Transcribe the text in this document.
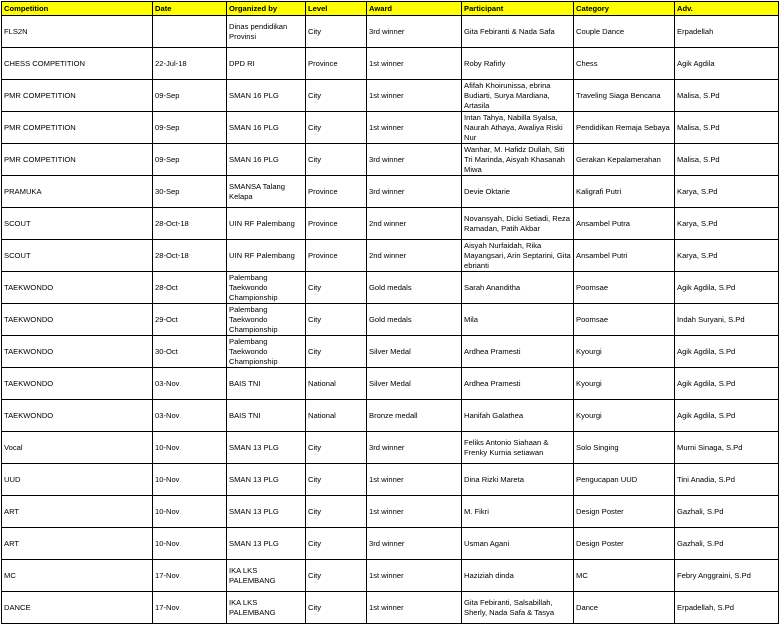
Competition	Date	Organized by	Level	Award	Participant	Category	Adv.

FLS2N		Dinas pendidikan Provinsi	City	3rd winner	Gita Febiranti & Nada Safa	Couple Dance	Erpadellah

CHESS COMPETITION	22-Jul-18	DPD RI	Province	1st winner	Roby Rafirly	Chess	Agik Agdila

PMR COMPETITION	09-Sep	SMAN 16 PLG	City	1st winner	Afifah Khoirunissa, ebrina Budiarti, Surya Mardiana, Artasila	Traveling Siaga Bencana	Malisa, S.Pd

PMR COMPETITION	09-Sep	SMAN 16 PLG	City	1st winner	Intan Tahya, Nabilla Syalsa, Naurah Athaya, Awaliya Riski Nur	Pendidikan Remaja Sebaya	Malisa, S.Pd

PMR COMPETITION	09-Sep	SMAN 16 PLG	City	3rd winner	Wanhar, M. Hafidz Dullah, Siti Tri Marinda, Aisyah Khasanah Miwa	Gerakan Kepalamerahan	Malisa, S.Pd

PRAMUKA	30-Sep	SMANSA Talang Kelapa	Province	3rd winner	Devie Oktarie	Kaligrafi Putri	Karya, S.Pd

SCOUT	28-Oct-18	UIN RF Palembang	Province	2nd winner	Novansyah, Dicki Setiadi, Reza Ramadan, Patih Akbar	Ansambel Putra	Karya, S.Pd

SCOUT	28-Oct-18	UIN RF Palembang	Province	2nd winner	Aisyah Nurfaidah, Rika Mayangsari, Arin Septarini, Gita ebrianti	Ansambel Putri	Karya, S.Pd

TAEKWONDO	28-Oct	Palembang Taekwondo Championship	City	Gold medals	Sarah Ananditha	Poomsae	Agik Agdila, S.Pd

TAEKWONDO	29-Oct	Palembang Taekwondo Championship	City	Gold medals	Mila	Poomsae	Indah Suryani, S.Pd

TAEKWONDO	30-Oct	Palembang Taekwondo Championship	City	Silver Medal	Ardhea Pramesti	Kyourgi	Agik Agdila, S.Pd

TAEKWONDO	03-Nov	BAIS TNI	National	Silver Medal	Ardhea Pramesti	Kyourgi	Agik Agdila, S.Pd

TAEKWONDO	03-Nov	BAIS TNI	National	Bronze medall	Hanifah Galathea	Kyourgi	Agik Agdila, S.Pd

Vocal	10-Nov	SMAN 13 PLG	City	3rd winner	Feliks Antonio Siahaan & Frenky Kurnia setiawan	Solo Singing	Murni Sinaga, S.Pd

UUD	10-Nov	SMAN 13 PLG	City	1st winner	Dina Rizki Mareta	Pengucapan UUD	Tini Anadia, S.Pd

ART	10-Nov	SMAN 13 PLG	City	1st winner	M. Fikri	Design Poster	Gazhali, S.Pd

ART	10-Nov	SMAN 13 PLG	City	3rd winner	Usman Agani	Design Poster	Gazhali, S.Pd

MC	17-Nov	IKA LKS PALEMBANG	City	1st winner	Haziziah dinda	MC	Febry Anggraini, S.Pd

DANCE	17-Nov	IKA LKS PALEMBANG	City	1st winner	Gita Febiranti, Salsabillah, Sherly, Nada Safa & Tasya	Dance	Erpadellah, S.Pd
